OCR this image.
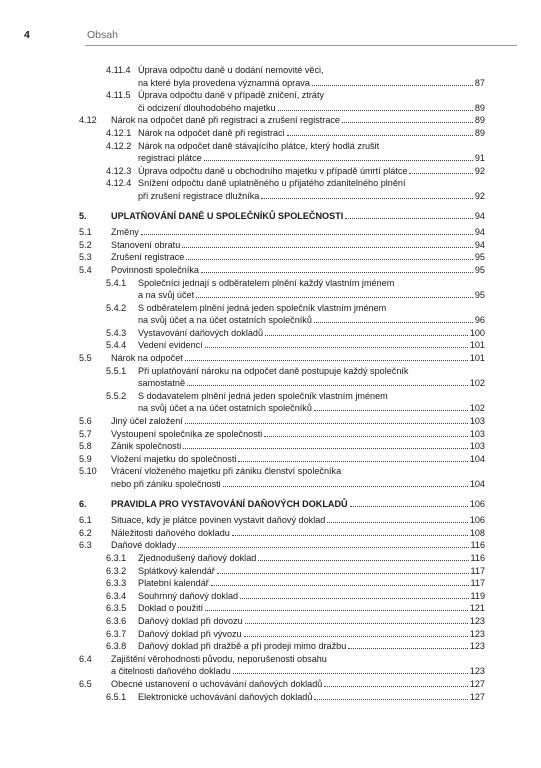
4	Obsah
4.11.4 Úprava odpočtu daně u dodání nemovité věci,
na které byla provedena významná oprava	87
4.11.5 Úprava odpočtu daně v případě zničení, ztráty
či odcizení dlouhodobého majetku	89
4.12 Nárok na odpočet daně při registraci a zrušení registrace	89
4.12.1 Nárok na odpočet daně při registraci	89
4.12.2 Nárok na odpočet daně stávajícího plátce, který hodlá zrušit
registraci plátce	91
4.12.3 Úprava odpočtu daně u obchodního majetku v případě úmrtí plátce	92
4.12.4 Snížení odpočtu daně uplatněného u přijatého zdanitelného plnění
při zrušení registrace dlužníka	92
5.	UPLATŇOVÁNÍ DANĚ U SPOLEČNÍKŮ SPOLEČNOSTI	94
5.1 Změny	94
5.2 Stanovení obratu	94
5.3 Zrušení registrace	95
5.4 Povinnosti společníka	95
5.4.1 Společníci jednají s odběratelem plnění každý vlastním jménem
a na svůj účet	95
5.4.2 S odběratelem plnění jedná jeden společník vlastním jménem
na svůj účet a na účet ostatních společníků	96
5.4.3 Vystavování daňových dokladů	100
5.4.4 Vedení evidencí	101
5.5 Nárok na odpočet	101
5.5.1 Při uplatňování nároku na odpočet daně postupuje každý společník
samostatně	102
5.5.2 S dodavatelem plnění jedná jeden společník vlastním jménem
na svůj účet a na účet ostatních společníků	102
5.6 Jiný účel založení	103
5.7 Vystoupení společníka ze společnosti	103
5.8 Zánik společnosti	103
5.9 Vložení majetku do společnosti	104
5.10 Vrácení vloženého majetku při zániku členství společníka
nebo při zániku společnosti	104
6.	PRAVIDLA PRO VYSTAVOVÁNÍ DAŇOVÝCH DOKLADŮ	106
6.1 Situace, kdy je plátce povinen vystavit daňový doklad	106
6.2 Náležitosti daňového dokladu	108
6.3 Daňové doklady	116
6.3.1 Zjednodušený daňový doklad	116
6.3.2 Splátkový kalendář	117
6.3.3 Platební kalendář	117
6.3.4 Souhrnný daňový doklad	119
6.3.5 Doklad o použití	121
6.3.6 Daňový doklad při dovozu	123
6.3.7 Daňový doklad při vývozu	123
6.3.8 Daňový doklad při dražbě a při prodeji mimo dražbu	123
6.4 Zajištění věrohodnosti původu, neporušenosti obsahu
a čitelnosti daňového dokladu	123
6.5 Obecné ustanovení o uchovávání daňových dokladů	127
6.5.1 Elektronické uchovávání daňových dokladů	127
